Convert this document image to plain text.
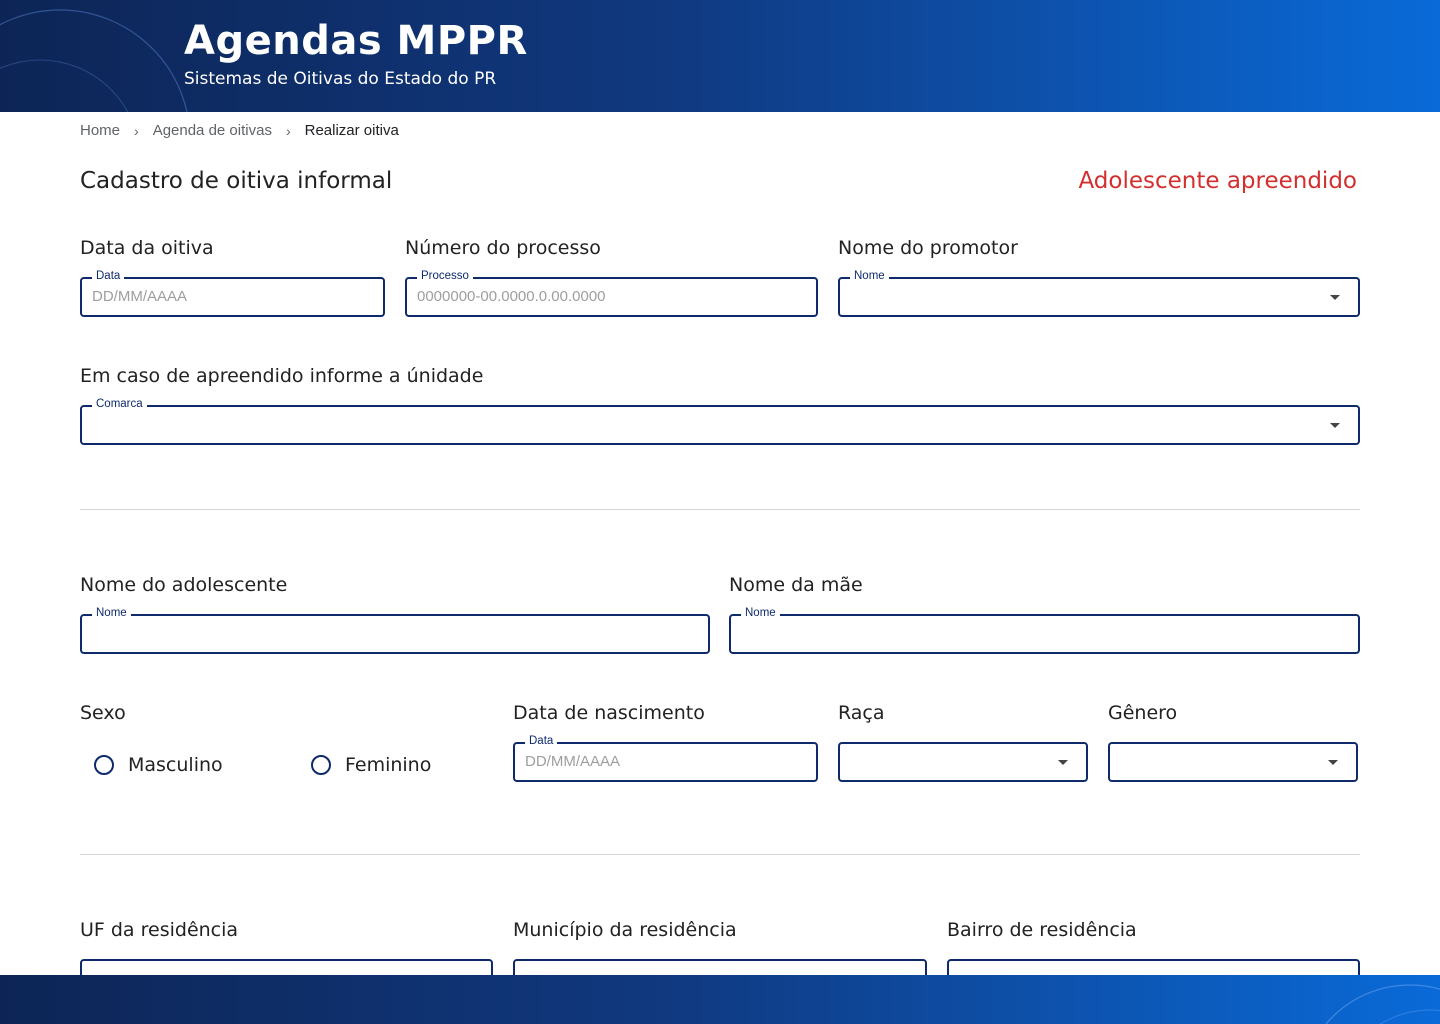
Agendas MPPR
Sistemas de Oitivas do Estado do PR
Home › Agenda de oitivas › Realizar oitiva
Cadastro de oitiva informal	Adolescente apreendido
Data da oitiva
Data
DD/MM/AAAA
Número do processo
Processo
0000000-00.0000.0.00.0000
Nome do promotor
Nome
Em caso de apreendido informe a únidade
Comarca
Nome do adolescente
Nome
Nome da mãe
Nome
Sexo
Masculino	Feminino
Data de nascimento
Data
DD/MM/AAAA
Raça	Gênero
UF da residência	Município da residência	Bairro de residência
